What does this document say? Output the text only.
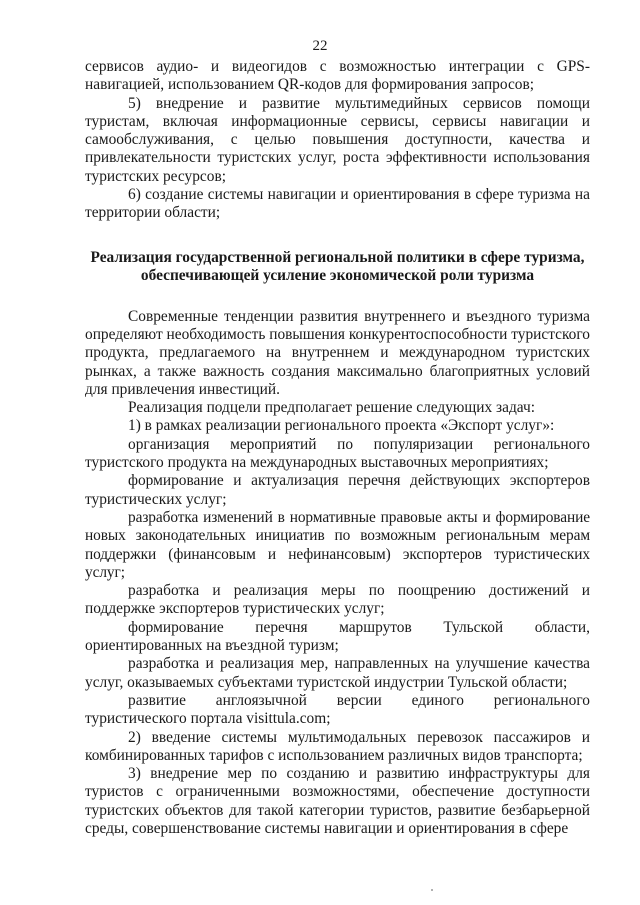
22

сервисов аудио- и видеогидов с возможностью интеграции с GPS-навигацией, использованием QR-кодов для формирования запросов;

5) внедрение и развитие мультимедийных сервисов помощи туристам, включая информационные сервисы, сервисы навигации и самообслуживания, с целью повышения доступности, качества и привлекательности туристских услуг, роста эффективности использования туристских ресурсов;

6) создание системы навигации и ориентирования в сфере туризма на территории области;

Реализация государственной региональной политики в сфере туризма,
обеспечивающей усиление экономической роли туризма

Современные тенденции развития внутреннего и въездного туризма определяют необходимость повышения конкурентоспособности туристского продукта, предлагаемого на внутреннем и международном туристских рынках, а также важность создания максимально благоприятных условий для привлечения инвестиций.

Реализация подцели предполагает решение следующих задач:

1) в рамках реализации регионального проекта «Экспорт услуг»:

организация мероприятий по популяризации регионального туристского продукта на международных выставочных мероприятиях;

формирование и актуализация перечня действующих экспортеров туристических услуг;

разработка изменений в нормативные правовые акты и формирование новых законодательных инициатив по возможным региональным мерам поддержки (финансовым и нефинансовым) экспортеров туристических услуг;

разработка и реализация меры по поощрению достижений и поддержке экспортеров туристических услуг;

формирование перечня маршрутов Тульской области, ориентированных на въездной туризм;

разработка и реализация мер, направленных на улучшение качества услуг, оказываемых субъектами туристской индустрии Тульской области;

развитие англоязычной версии единого регионального туристического портала visittula.com;

2) введение системы мультимодальных перевозок пассажиров и комбинированных тарифов с использованием различных видов транспорта;

3) внедрение мер по созданию и развитию инфраструктуры для туристов с ограниченными возможностями, обеспечение доступности туристских объектов для такой категории туристов, развитие безбарьерной среды, совершенствование системы навигации и ориентирования в сфере
